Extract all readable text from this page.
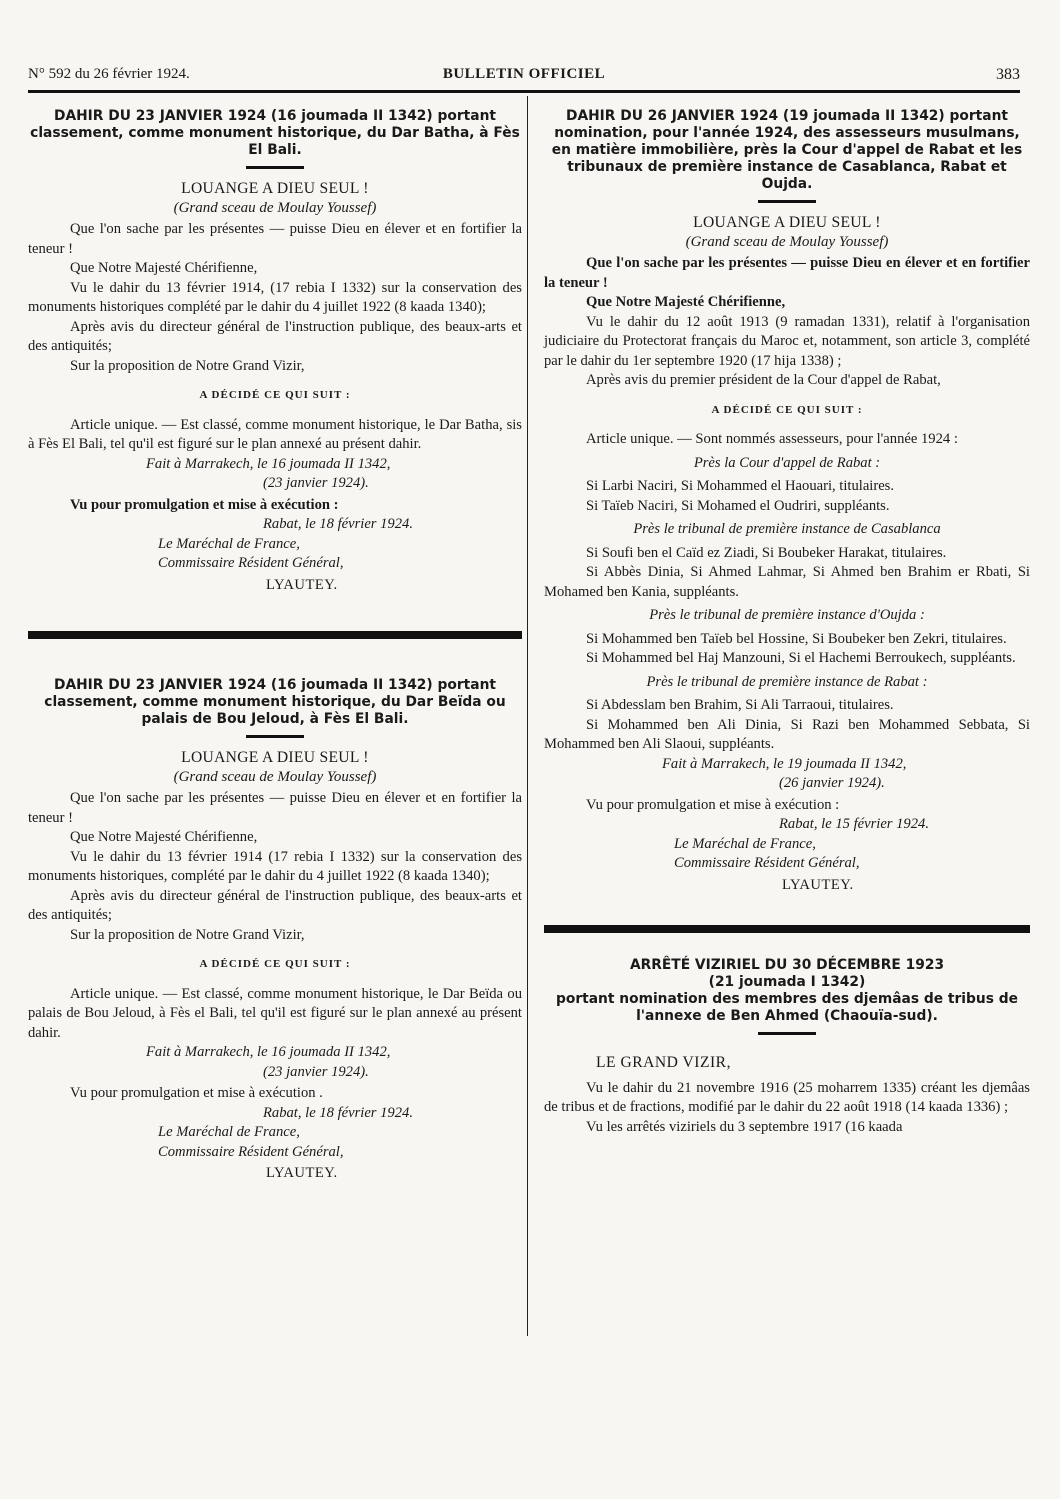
N° 592 du 26 février 1924.	BULLETIN OFFICIEL	383

DAHIR DU 23 JANVIER 1924 (16 joumada II 1342) portant classement, comme monument historique, du Dar Batha, à Fès El Bali.

LOUANGE A DIEU SEUL !

(Grand sceau de Moulay Youssef)

Que l'on sache par les présentes — puisse Dieu en élever et en fortifier la teneur !

Que Notre Majesté Chérifienne,

Vu le dahir du 13 février 1914, (17 rebia I 1332) sur la conservation des monuments historiques complété par le dahir du 4 juillet 1922 (8 kaada 1340);

Après avis du directeur général de l'instruction publique, des beaux-arts et des antiquités;

Sur la proposition de Notre Grand Vizir,

A DÉCIDÉ CE QUI SUIT :

Article unique. — Est classé, comme monument historique, le Dar Batha, sis à Fès El Bali, tel qu'il est figuré sur le plan annexé au présent dahir.

Fait à Marrakech, le 16 joumada II 1342,

(23 janvier 1924).

Vu pour promulgation et mise à exécution :

Rabat, le 18 février 1924.

Le Maréchal de France,

Commissaire Résident Général,

LYAUTEY.

DAHIR DU 23 JANVIER 1924 (16 joumada II 1342) portant classement, comme monument historique, du Dar Beïda ou palais de Bou Jeloud, à Fès El Bali.

LOUANGE A DIEU SEUL !

(Grand sceau de Moulay Youssef)

Que l'on sache par les présentes — puisse Dieu en élever et en fortifier la teneur !

Que Notre Majesté Chérifienne,

Vu le dahir du 13 février 1914 (17 rebia I 1332) sur la conservation des monuments historiques, complété par le dahir du 4 juillet 1922 (8 kaada 1340);

Après avis du directeur général de l'instruction publique, des beaux-arts et des antiquités;

Sur la proposition de Notre Grand Vizir,

A DÉCIDÉ CE QUI SUIT :

Article unique. — Est classé, comme monument historique, le Dar Beïda ou palais de Bou Jeloud, à Fès el Bali, tel qu'il est figuré sur le plan annexé au présent dahir.

Fait à Marrakech, le 16 joumada II 1342,

(23 janvier 1924).

Vu pour promulgation et mise à exécution .

Rabat, le 18 février 1924.

Le Maréchal de France,

Commissaire Résident Général,

LYAUTEY.

DAHIR DU 26 JANVIER 1924 (19 joumada II 1342) portant nomination, pour l'année 1924, des assesseurs musulmans, en matière immobilière, près la Cour d'appel de Rabat et les tribunaux de première instance de Casablanca, Rabat et Oujda.

LOUANGE A DIEU SEUL !

(Grand sceau de Moulay Youssef)

Que l'on sache par les présentes — puisse Dieu en élever et en fortifier la teneur !

Que Notre Majesté Chérifienne,

Vu le dahir du 12 août 1913 (9 ramadan 1331), relatif à l'organisation judiciaire du Protectorat français du Maroc et, notamment, son article 3, complété par le dahir du 1er septembre 1920 (17 hija 1338) ;

Après avis du premier président de la Cour d'appel de Rabat,

A DÉCIDÉ CE QUI SUIT :

Article unique. — Sont nommés assesseurs, pour l'année 1924 :

Près la Cour d'appel de Rabat :

Si Larbi Naciri, Si Mohammed el Haouari, titulaires.

Si Taïeb Naciri, Si Mohamed el Oudriri, suppléants.

Près le tribunal de première instance de Casablanca

Si Soufi ben el Caïd ez Ziadi, Si Boubeker Harakat, titulaires.

Si Abbès Dinia, Si Ahmed Lahmar, Si Ahmed ben Brahim er Rbati, Si Mohamed ben Kania, suppléants.

Près le tribunal de première instance d'Oujda :

Si Mohammed ben Taïeb bel Hossine, Si Boubeker ben Zekri, titulaires.

Si Mohammed bel Haj Manzouni, Si el Hachemi Berroukech, suppléants.

Près le tribunal de première instance de Rabat :

Si Abdesslam ben Brahim, Si Ali Tarraoui, titulaires.

Si Mohammed ben Ali Dinia, Si Razi ben Mohammed Sebbata, Si Mohammed ben Ali Slaoui, suppléants.

Fait à Marrakech, le 19 joumada II 1342,

(26 janvier 1924).

Vu pour promulgation et mise à exécution :

Rabat, le 15 février 1924.

Le Maréchal de France,

Commissaire Résident Général,

LYAUTEY.

ARRÊTÉ VIZIRIEL DU 30 DÉCEMBRE 1923

(21 joumada I 1342)

portant nomination des membres des djemâas de tribus de l'annexe de Ben Ahmed (Chaouïa-sud).

LE GRAND VIZIR,

Vu le dahir du 21 novembre 1916 (25 moharrem 1335) créant les djemâas de tribus et de fractions, modifié par le dahir du 22 août 1918 (14 kaada 1336) ;

Vu les arrêtés viziriels du 3 septembre 1917 (16 kaada
